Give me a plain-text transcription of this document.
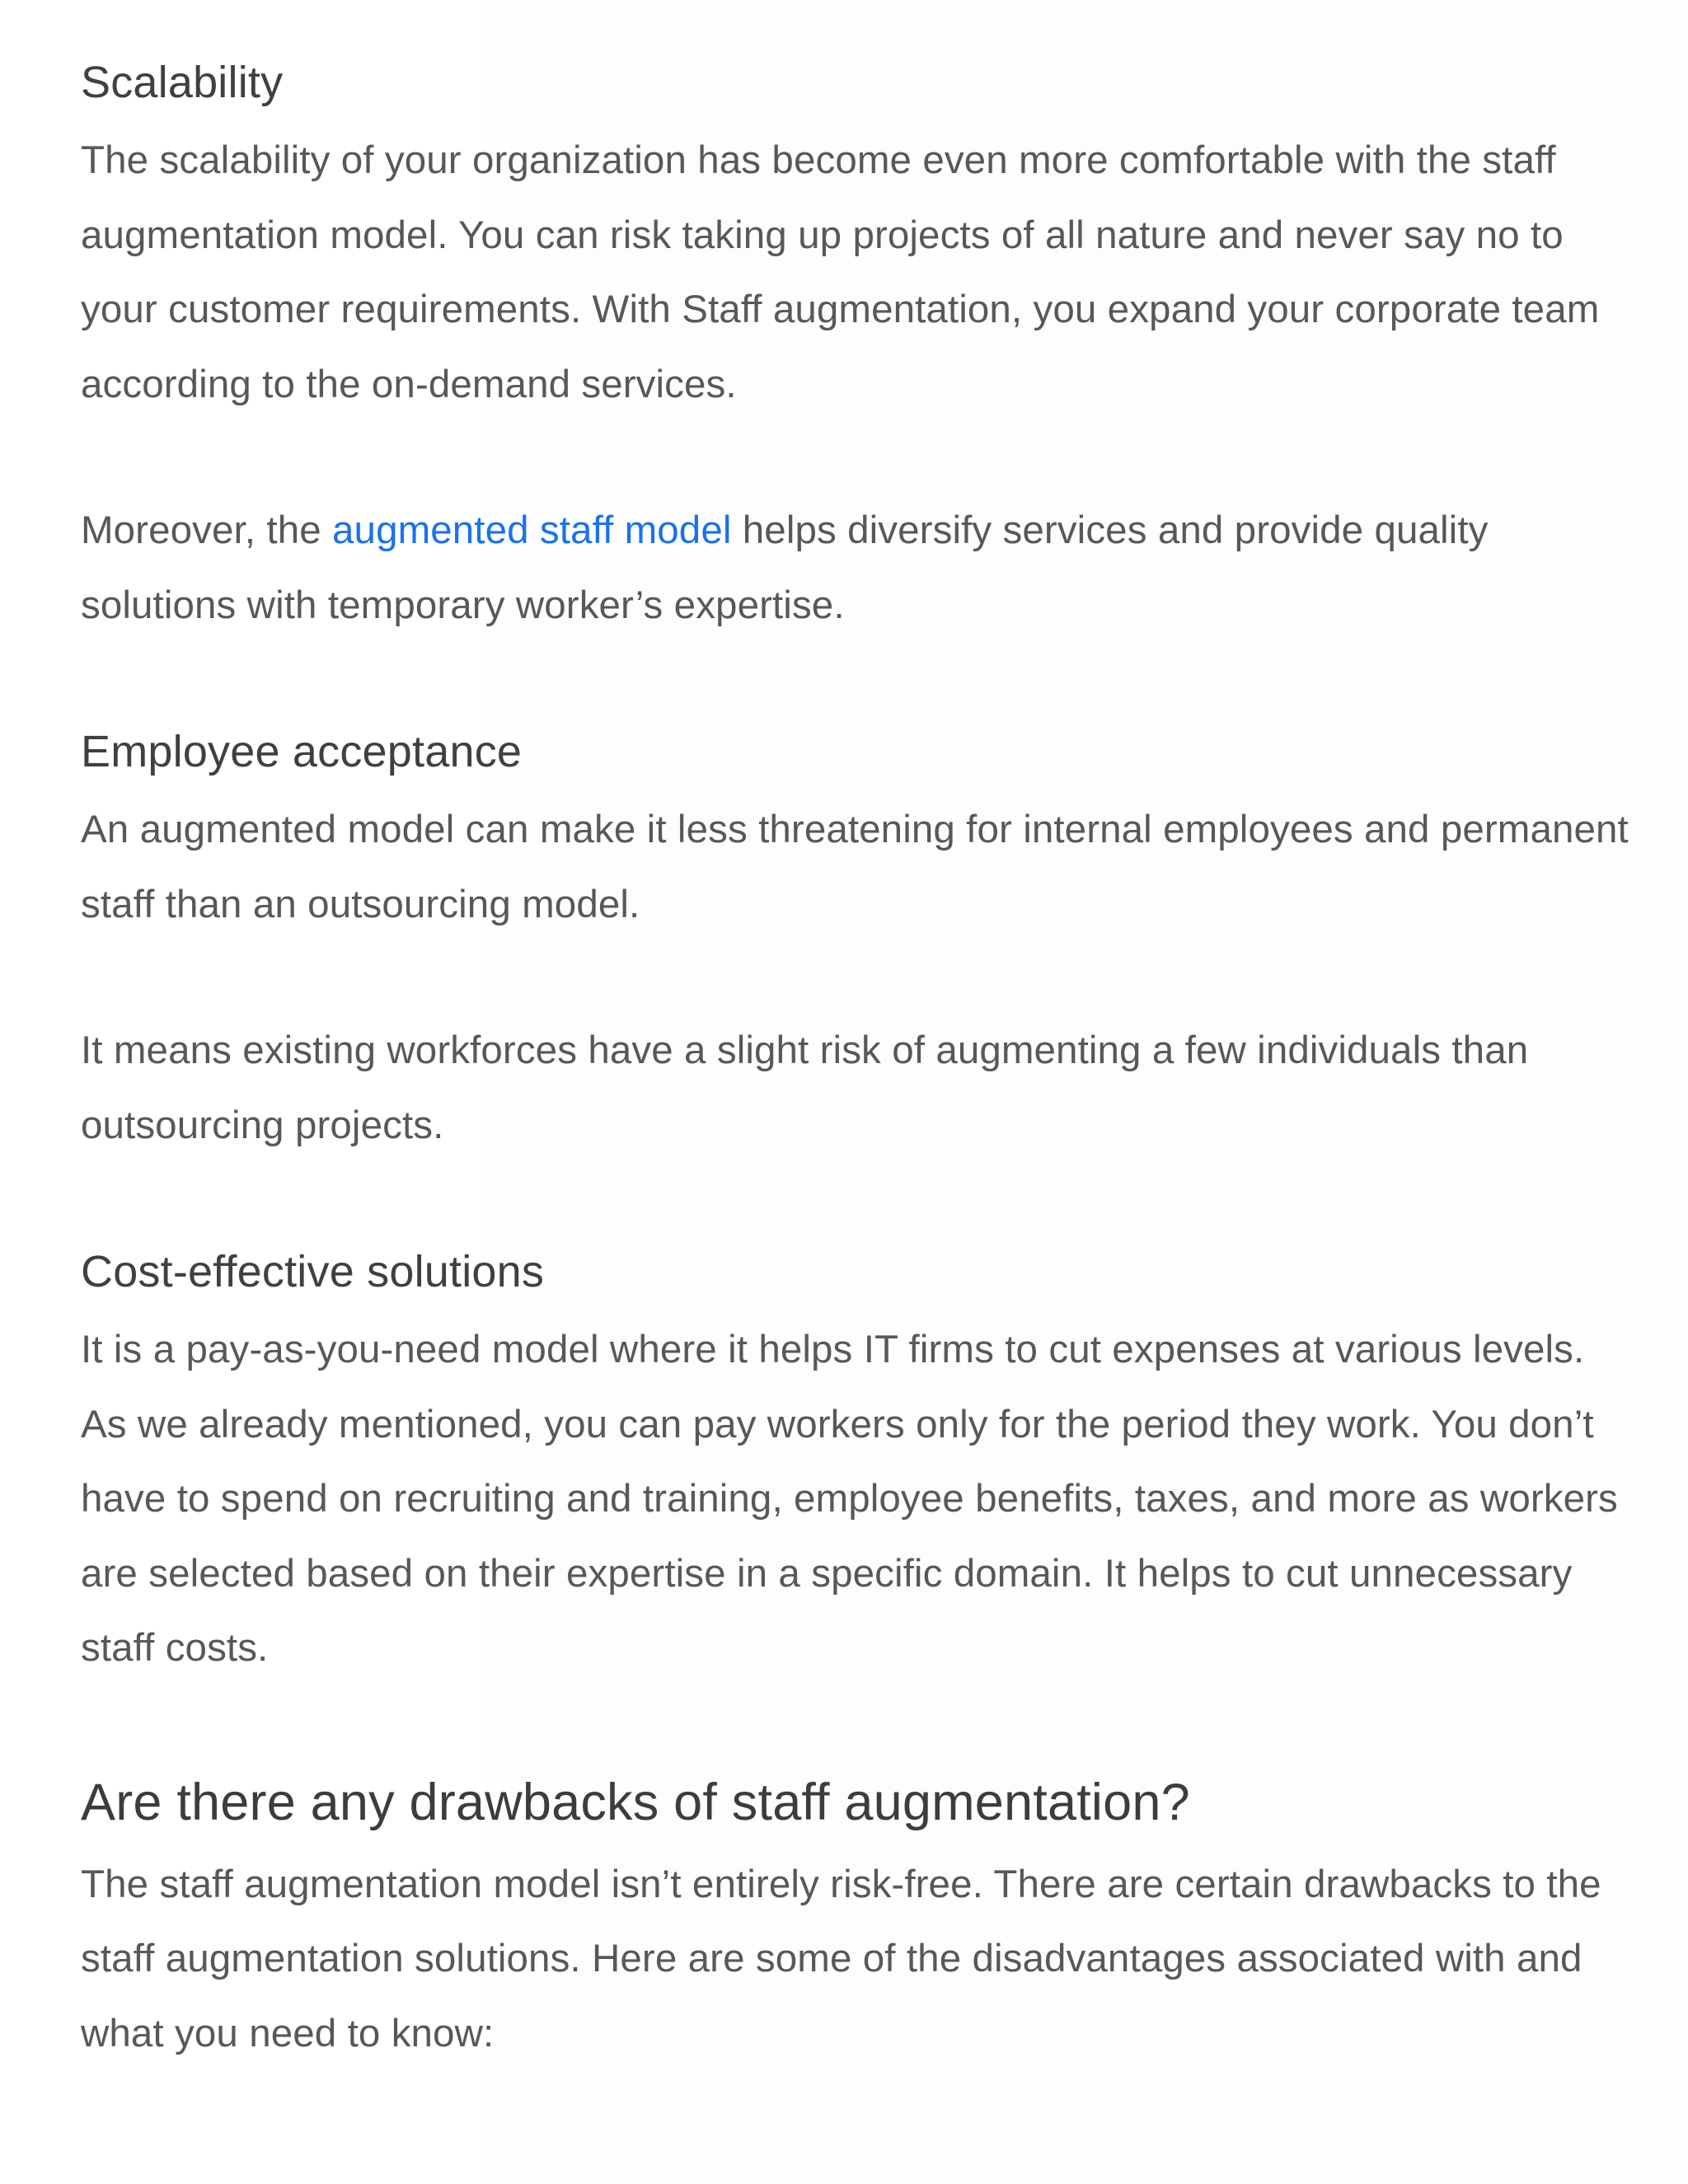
Scalability

The scalability of your organization has become even more comfortable with the staff augmentation model. You can risk taking up projects of all nature and never say no to your customer requirements. With Staff augmentation, you expand your corporate team according to the on-demand services.

Moreover, the augmented staff model helps diversify services and provide quality solutions with temporary worker’s expertise.

Employee acceptance

An augmented model can make it less threatening for internal employees and permanent staff than an outsourcing model.

It means existing workforces have a slight risk of augmenting a few individuals than outsourcing projects.

Cost-effective solutions

It is a pay-as-you-need model where it helps IT firms to cut expenses at various levels. As we already mentioned, you can pay workers only for the period they work. You don’t have to spend on recruiting and training, employee benefits, taxes, and more as workers are selected based on their expertise in a specific domain. It helps to cut unnecessary staff costs.

Are there any drawbacks of staff augmentation?

The staff augmentation model isn’t entirely risk-free. There are certain drawbacks to the staff augmentation solutions. Here are some of the disadvantages associated with and what you need to know:
